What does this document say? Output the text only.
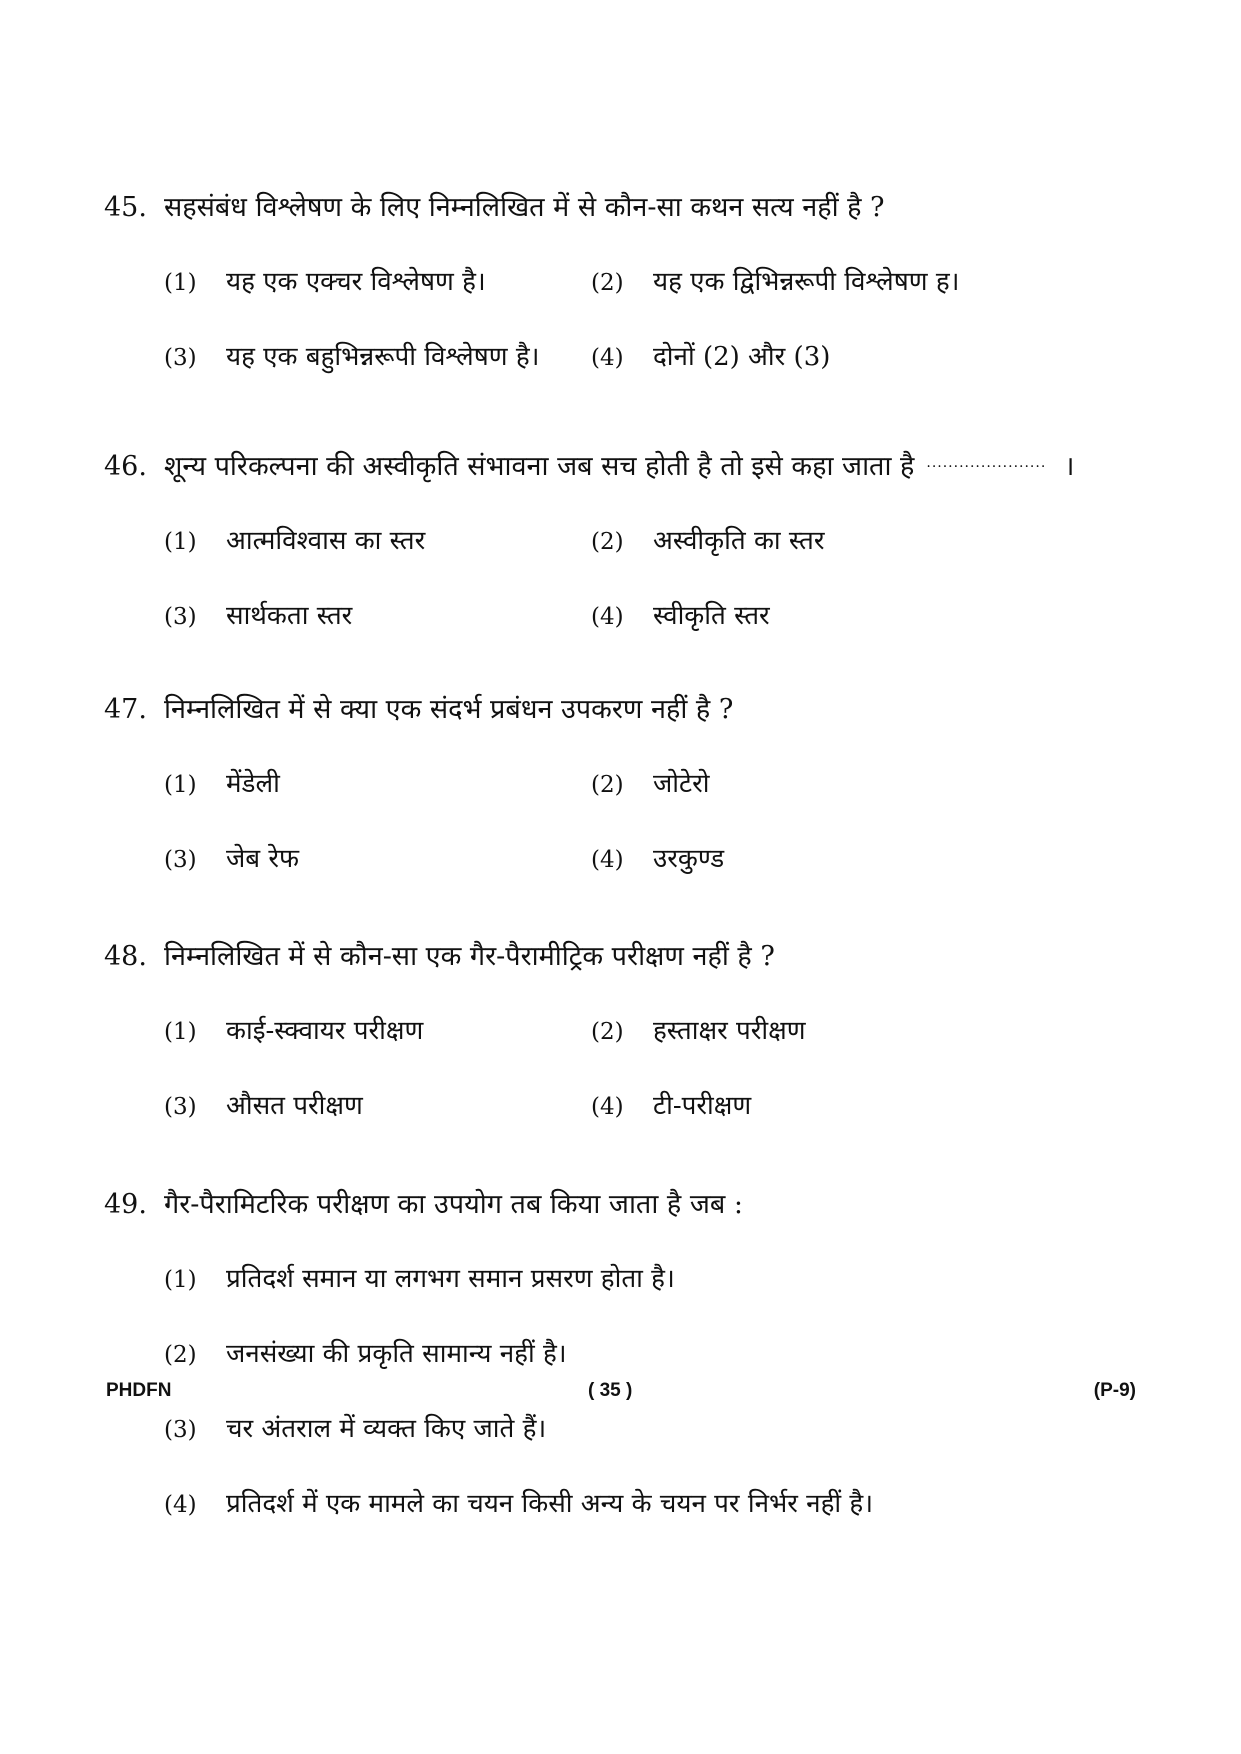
45. सहसंबंध विश्लेषण के लिए निम्नलिखित में से कौन-सा कथन सत्य नहीं है ?
(1)	यह एक एक्चर विश्लेषण है।	(2)	यह एक द्विभिन्नरूपी विश्लेषण ह।
(3)	यह एक बहुभिन्नरूपी विश्लेषण है। (4)	दोनों (2) और (3)
46. शून्य परिकल्पना की अस्वीकृति संभावना जब सच होती है तो इसे कहा जाता है ...................... ।
(1)	आत्मविश्वास का स्तर	(2)	अस्वीकृति का स्तर
(3)	सार्थकता स्तर	(4)	स्वीकृति स्तर
47. निम्नलिखित में से क्या एक संदर्भ प्रबंधन उपकरण नहीं है ?
(1)	मेंडेली	(2)	जोटेरो
(3)	जेब रेफ	(4)	उरकुण्ड
48. निम्नलिखित में से कौन-सा एक गैर-पैरामीट्रिक परीक्षण नहीं है ?
(1)	काई-स्क्वायर परीक्षण	(2)	हस्ताक्षर परीक्षण
(3)	औसत परीक्षण	(4)	टी-परीक्षण
49. गैर-पैरामिटरिक परीक्षण का उपयोग तब किया जाता है जब :
(1)	प्रतिदर्श समान या लगभग समान प्रसरण होता है।
(2)	जनसंख्या की प्रकृति सामान्य नहीं है।
(3)	चर अंतराल में व्यक्त किए जाते हैं।
(4)	प्रतिदर्श में एक मामले का चयन किसी अन्य के चयन पर निर्भर नहीं है।
PHDFN	( 35 )	(P-9)
